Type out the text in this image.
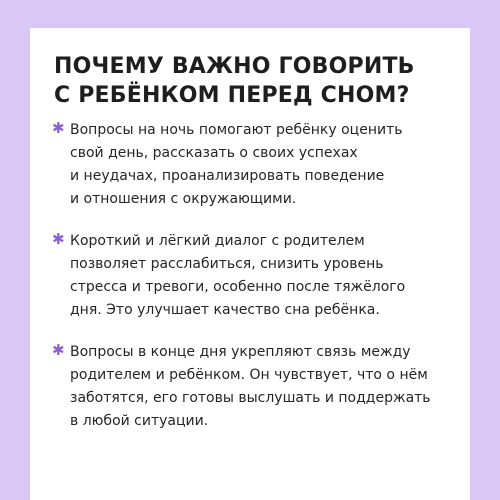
ПОЧЕМУ ВАЖНО ГОВОРИТЬ
С РЕБЁНКОМ ПЕРЕД СНОМ?
✱ Вопросы на ночь помогают ребёнку оценить
свой день, рассказать о своих успехах
и неудачах, проанализировать поведение
и отношения с окружающими.

✱ Короткий и лёгкий диалог с родителем
позволяет расслабиться, снизить уровень
стресса и тревоги, особенно после тяжёлого
дня. Это улучшает качество сна ребёнка.

✱ Вопросы в конце дня укрепляют связь между
родителем и ребёнком. Он чувствует, что о нём
заботятся, его готовы выслушать и поддержать
в любой ситуации.
